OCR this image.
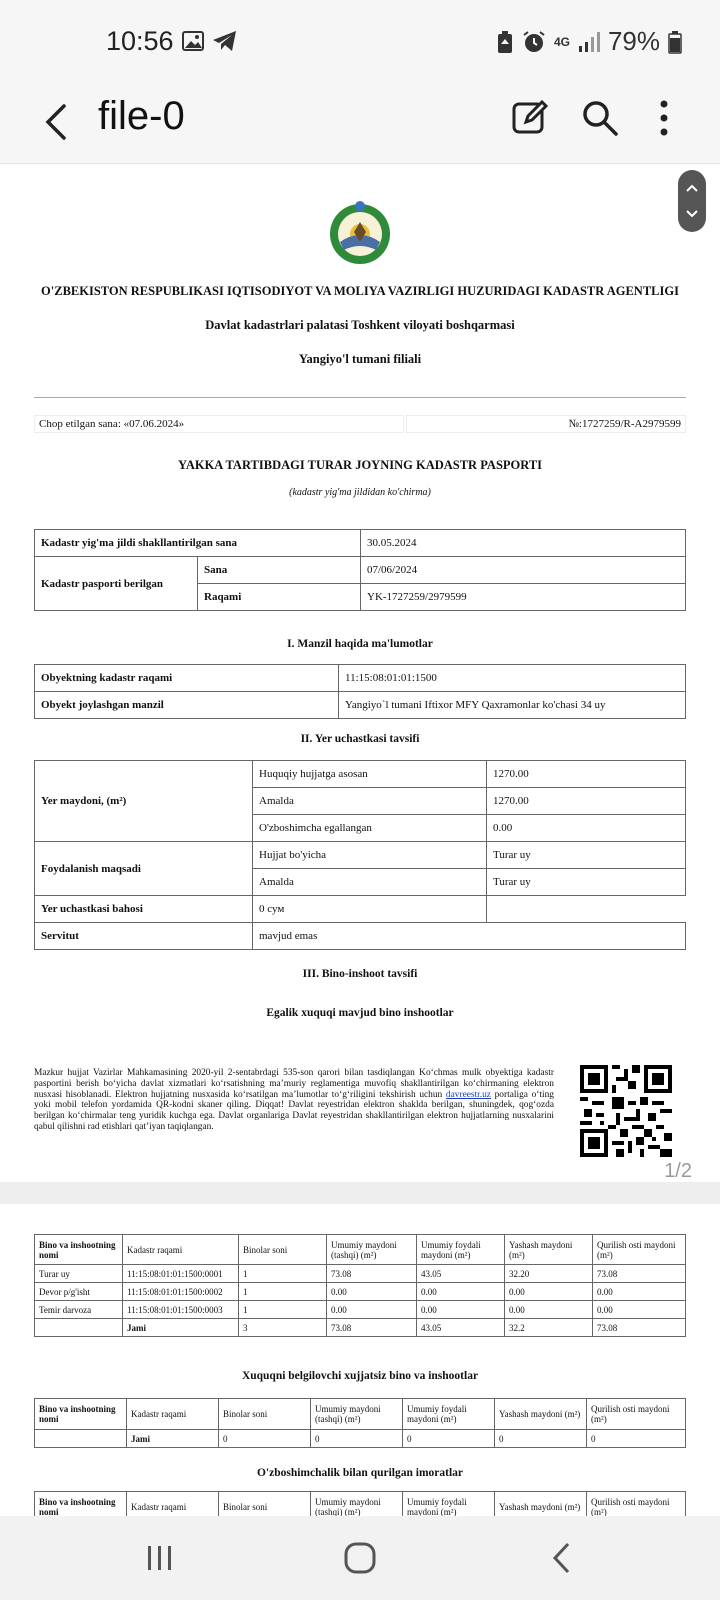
10:56	4G 79%
file-0
O'ZBEKISTON RESPUBLIKASI IQTISODIYOT VA MOLIYA VAZIRLIGI HUZURIDAGI KADASTR AGENTLIGI
Davlat kadastrlari palatasi Toshkent viloyati boshqarmasi
Yangiyo'l tumani filiali
Chop etilgan sana: «07.06.2024»	№:1727259/R-A2979599
YAKKA TARTIBDAGI TURAR JOYNING KADASTR PASPORTI
(kadastr yig'ma jildidan ko'chirma)
Kadastr yig'ma jildi shakllantirilgan sana		30.05.2024
Kadastr pasporti berilgan	Sana	07/06/2024
	Raqami	YK-1727259/2979599
I. Manzil haqida ma'lumotlar
Obyektning kadastr raqami	11:15:08:01:01:1500
Obyekt joylashgan manzil	Yangiyo`l tumani Iftixor MFY Qaxramonlar ko'chasi 34 uy
II. Yer uchastkasi tavsifi
Yer maydoni, (m²)	Huquqiy hujjatga asosan	1270.00
	Amalda	1270.00
	O'zboshimcha egallangan	0.00
Foydalanish maqsadi	Hujjat bo'yicha	Turar uy
	Amalda	Turar uy
Yer uchastkasi bahosi	0 сум	
Servitut	mavjud emas	
III. Bino-inshoot tavsifi
Egalik xuquqi mavjud bino inshootlar
Mazkur hujjat Vazirlar Mahkamasining 2020-yil 2-sentabrdagi 535-son qarori bilan tasdiqlangan Ko‘chmas mulk obyektiga kadastr pasportini berish bo‘yicha davlat xizmatlari ko‘rsatishning ma’muriy reglamentiga muvofiq shakllantirilgan ko‘chirmaning elektron nusxasi hisoblanadi. Elektron hujjatning nusxasida ko‘rsatilgan ma’lumotlar to‘g‘riligini tekshirish uchun davreestr.uz portaliga o‘ting yoki mobil telefon yordamida QR-kodni skaner qiling. Diqqat! Davlat reyestridan elektron shaklda berilgan, shuningdek, qog‘ozda berilgan ko‘chirmalar teng yuridik kuchga ega. Davlat organlariga Davlat reyestridan shakllantirilgan elektron hujjatlarning nusxalarini qabul qilishni rad etishlari qat’iyan taqiqlangan.
1/2
Bino va inshootning nomi	Kadastr raqami	Binolar soni	Umumiy maydoni (tashqi) (m²)	Umumiy foydali maydoni (m²)	Yashash maydoni (m²)	Qurilish osti maydoni (m²)
Turar uy	11:15:08:01:01:1500:0001	1	73.08	43.05	32.20	73.08
Devor p/g'isht	11:15:08:01:01:1500:0002	1	0.00	0.00	0.00	0.00
Temir darvoza	11:15:08:01:01:1500:0003	1	0.00	0.00	0.00	0.00
	Jami	3	73.08	43.05	32.2	73.08
Xuquqni belgilovchi xujjatsiz bino va inshootlar
Bino va inshootning nomi	Kadastr raqami	Binolar soni	Umumiy maydoni (tashqi) (m²)	Umumiy foydali maydoni (m²)	Yashash maydoni (m²)	Qurilish osti maydoni (m²)
	Jami	0	0	0	0	0
O'zboshimchalik bilan qurilgan imoratlar
Bino va inshootning nomi	Kadastr raqami	Binolar soni	Umumiy maydoni (tashqi) (m²)	Umumiy foydali maydoni (m²)	Yashash maydoni (m²)	Qurilish osti maydoni (m²)
